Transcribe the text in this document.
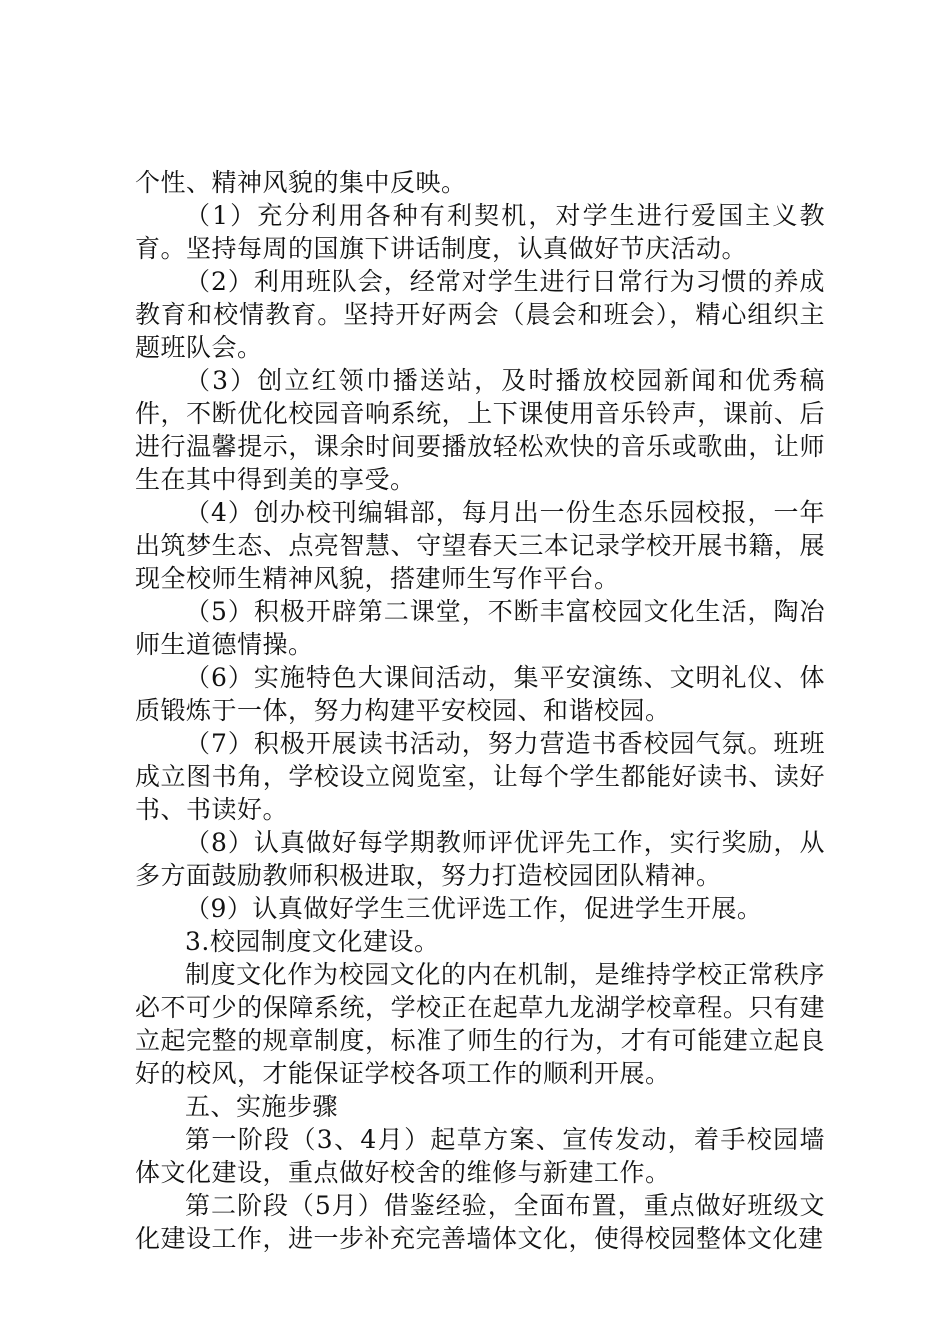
个性、精神风貌的集中反映。

（1）充分利用各种有利契机，对学生进行爱国主义教育。坚持每周的国旗下讲话制度，认真做好节庆活动。

（2）利用班队会，经常对学生进行日常行为习惯的养成教育和校情教育。坚持开好两会（晨会和班会），精心组织主题班队会。

（3）创立红领巾播送站，及时播放校园新闻和优秀稿件，不断优化校园音响系统，上下课使用音乐铃声，课前、后进行温馨提示，课余时间要播放轻松欢快的音乐或歌曲，让师生在其中得到美的享受。

（4）创办校刊编辑部，每月出一份生态乐园校报，一年出筑梦生态、点亮智慧、守望春天三本记录学校开展书籍，展现全校师生精神风貌，搭建师生写作平台。

（5）积极开辟第二课堂，不断丰富校园文化生活，陶冶师生道德情操。

（6）实施特色大课间活动，集平安演练、文明礼仪、体质锻炼于一体，努力构建平安校园、和谐校园。

（7）积极开展读书活动，努力营造书香校园气氛。班班成立图书角，学校设立阅览室，让每个学生都能好读书、读好书、书读好。

（8）认真做好每学期教师评优评先工作，实行奖励，从多方面鼓励教师积极进取，努力打造校园团队精神。

（9）认真做好学生三优评选工作，促进学生开展。

3.校园制度文化建设。

制度文化作为校园文化的内在机制，是维持学校正常秩序必不可少的保障系统，学校正在起草九龙湖学校章程。只有建立起完整的规章制度，标准了师生的行为，才有可能建立起良好的校风，才能保证学校各项工作的顺利开展。

五、实施步骤

第一阶段（3、4月）起草方案、宣传发动，着手校园墙体文化建设，重点做好校舍的维修与新建工作。

第二阶段（5月）借鉴经验，全面布置，重点做好班级文化建设工作，进一步补充完善墙体文化，使得校园整体文化建
